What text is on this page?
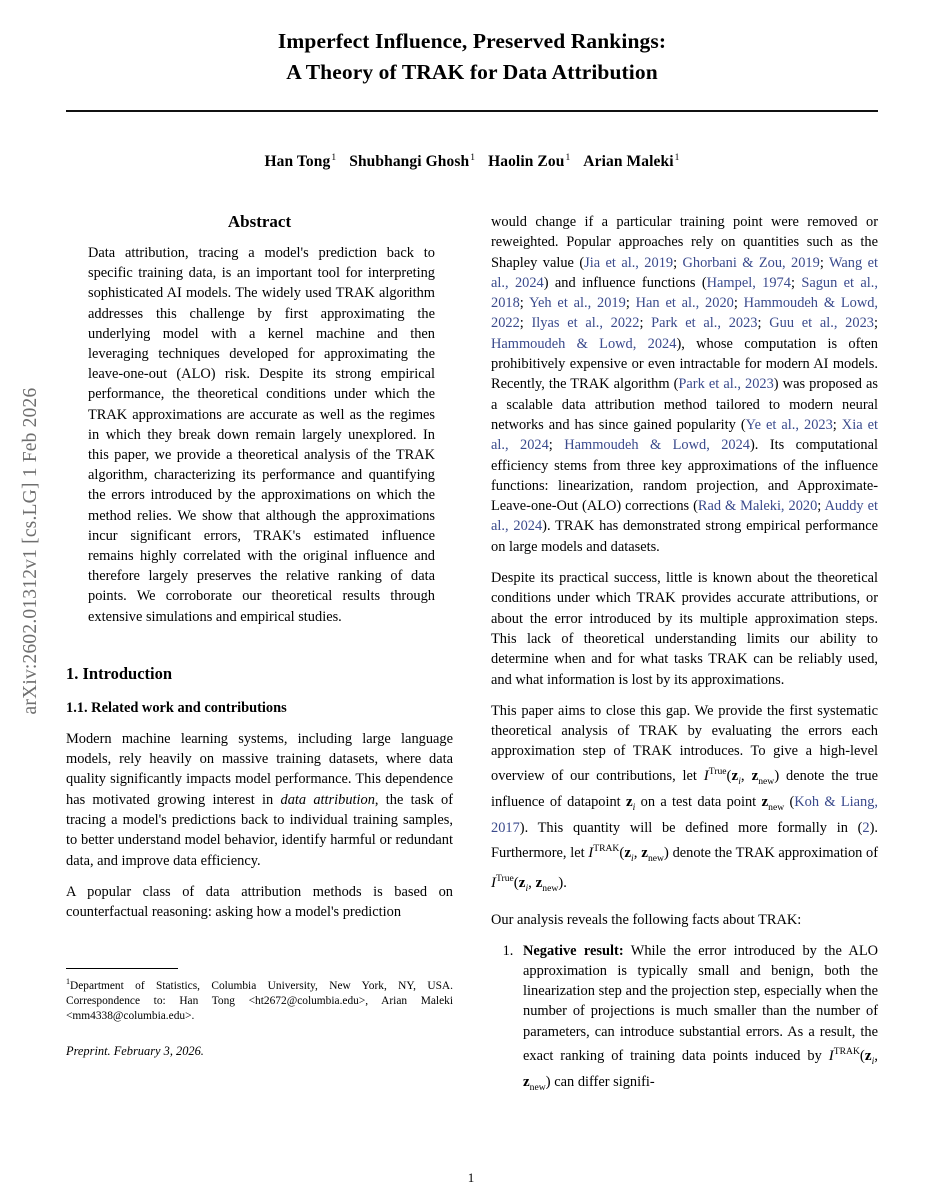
arXiv:2602.01312v1 [cs.LG] 1 Feb 2026
Imperfect Influence, Preserved Rankings:
A Theory of TRAK for Data Attribution
Han Tong$^1$ Shubhangi Ghosh$^1$ Haolin Zou$^1$ Arian Maleki$^1$
Abstract
Data attribution, tracing a model's prediction back to specific training data, is an important tool for interpreting sophisticated AI models. The widely used TRAK algorithm addresses this challenge by first approximating the underlying model with a kernel machine and then leveraging techniques developed for approximating the leave-one-out (ALO) risk. Despite its strong empirical performance, the theoretical conditions under which the TRAK approximations are accurate as well as the regimes in which they break down remain largely unexplored. In this paper, we provide a theoretical analysis of the TRAK algorithm, characterizing its performance and quantifying the errors introduced by the approximations on which the method relies. We show that although the approximations incur significant errors, TRAK's estimated influence remains highly correlated with the original influence and therefore largely preserves the relative ranking of data points. We corroborate our theoretical results through extensive simulations and empirical studies.
1. Introduction
1.1. Related work and contributions

Modern machine learning systems, including large language models, rely heavily on massive training datasets, where data quality significantly impacts model performance. This dependence has motivated growing interest in data attribution, the task of tracing a model's predictions back to individual training samples, to better understand model behavior, identify harmful or redundant data, and improve data efficiency.

A popular class of data attribution methods is based on counterfactual reasoning: asking how a model's prediction

$^1$Department of Statistics, Columbia University, New York, NY, USA. Correspondence to: Han Tong <ht2672@columbia.edu>, Arian Maleki <mm4338@columbia.edu>.

Preprint. February 3, 2026.

would change if a particular training point were removed or reweighted. Popular approaches rely on quantities such as the Shapley value (Jia et al., 2019; Ghorbani & Zou, 2019; Wang et al., 2024) and influence functions (Hampel, 1974; Sagun et al., 2018; Yeh et al., 2019; Han et al., 2020; Hammoudeh & Lowd, 2022; Ilyas et al., 2022; Park et al., 2023; Guu et al., 2023; Hammoudeh & Lowd, 2024), whose computation is often prohibitively expensive or even intractable for modern AI models. Recently, the TRAK algorithm (Park et al., 2023) was proposed as a scalable data attribution method tailored to modern neural networks and has since gained popularity (Ye et al., 2023; Xia et al., 2024; Hammoudeh & Lowd, 2024). Its computational efficiency stems from three key approximations of the influence functions: linearization, random projection, and Approximate-Leave-one-Out (ALO) corrections (Rad & Maleki, 2020; Auddy et al., 2024). TRAK has demonstrated strong empirical performance on large models and datasets.

Despite its practical success, little is known about the theoretical conditions under which TRAK provides accurate attributions, or about the error introduced by its multiple approximation steps. This lack of theoretical understanding limits our ability to determine when and for what tasks TRAK can be reliably used, and what information is lost by its approximations.

This paper aims to close this gap. We provide the first systematic theoretical analysis of TRAK by evaluating the errors each approximation step of TRAK introduces. To give a high-level overview of our contributions, let $I^{True}(z_i$, $z_{new}$) denote the true influence of datapoint $z_i$ on a test data point $z_{new}$ (Koh & Liang, 2017). This quantity will be defined more formally in (2). Furthermore, let $I^{TRAK}(z_i$, $z_{new}$) denote the TRAK approximation of $I^{True}(z_i$, $z_{new}$).

Our analysis reveals the following facts about TRAK:

1. Negative result: While the error introduced by the ALO approximation is typically small and benign, both the linearization step and the projection step, especially when the number of projections is much smaller than the number of parameters, can introduce substantial errors. As a result, the exact ranking of training data points induced by $I^{TRAK}(z_i$, $z_{new}$) can differ signifi-
1
